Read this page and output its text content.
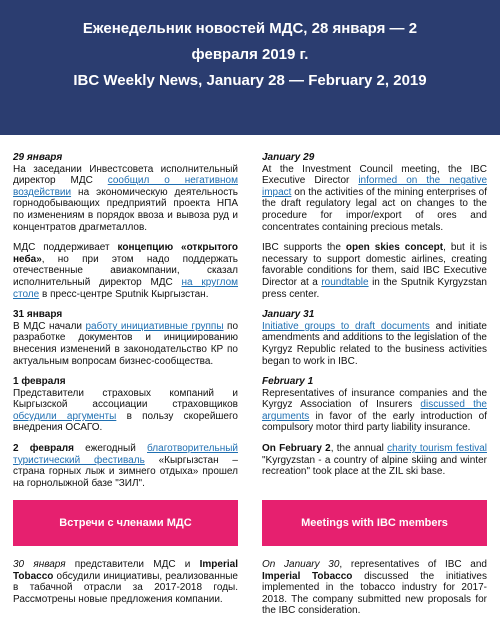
Еженедельник новостей МДС, 28 января — 2
февраля 2019 г.
IBC Weekly News, January 28 — February 2, 2019
29 января
На заседании Инвестсовета исполнительный директор МДС сообщил о негативном воздействии на экономическую деятельность горнодобывающих предприятий проекта НПА по изменениям в порядок ввоза и вывоза руд и концентратов драгметаллов.
МДС поддерживает концепцию «открытого неба», но при этом надо поддержать отечественные авиакомпании, сказал исполнительный директор МДС на круглом столе в пресс-центре Sputnik Кыргызстан.
31 января
В МДС начали работу инициативные группы по разработке документов и инициированию внесения изменений в законодательство КР по актуальным вопросам бизнес-сообщества.
1 февраля
Представители страховых компаний и Кыргызской ассоциации страховщиков обсудили аргументы в пользу скорейшего внедрения ОСАГО.
2 февраля ежегодный благотворительный туристический фестиваль «Кыргызстан – страна горных лыж и зимнего отдыха» прошел на горнолыжной базе "ЗИЛ".
January 29
At the Investment Council meeting, the IBC Executive Director informed on the negative impact on the activities of the mining enterprises of the draft regulatory legal act on changes to the procedure for impor/export of ores and concentrates containing precious metals.
IBC supports the open skies concept, but it is necessary to support domestic airlines, creating favorable conditions for them, said IBC Executive Director at a roundtable in the Sputnik Kyrgyzstan press center.
January 31
Initiative groups to draft documents and initiate amendments and additions to the legislation of the Kyrgyz Republic related to the business activities began to work in IBC.
February 1
Representatives of insurance companies and the Kyrgyz Association of Insurers discussed the arguments in favor of the early introduction of compulsory motor third party liability insurance.
On February 2, the annual charity tourism festival "Kyrgyzstan - a country of alpine skiing and winter recreation" took place at the ZIL ski base.
Встречи с членами МДС	Meetings with IBC members
30 января представители МДС и Imperial Tobacco обсудили инициативы, реализованные в табачной отрасли за 2017-2018 годы. Рассмотрены новые предложения компании.
On January 30, representatives of IBC and Imperial Tobacco discussed the initiatives implemented in the tobacco industry for 2017-2018. The company submitted new proposals for the IBC consideration.
